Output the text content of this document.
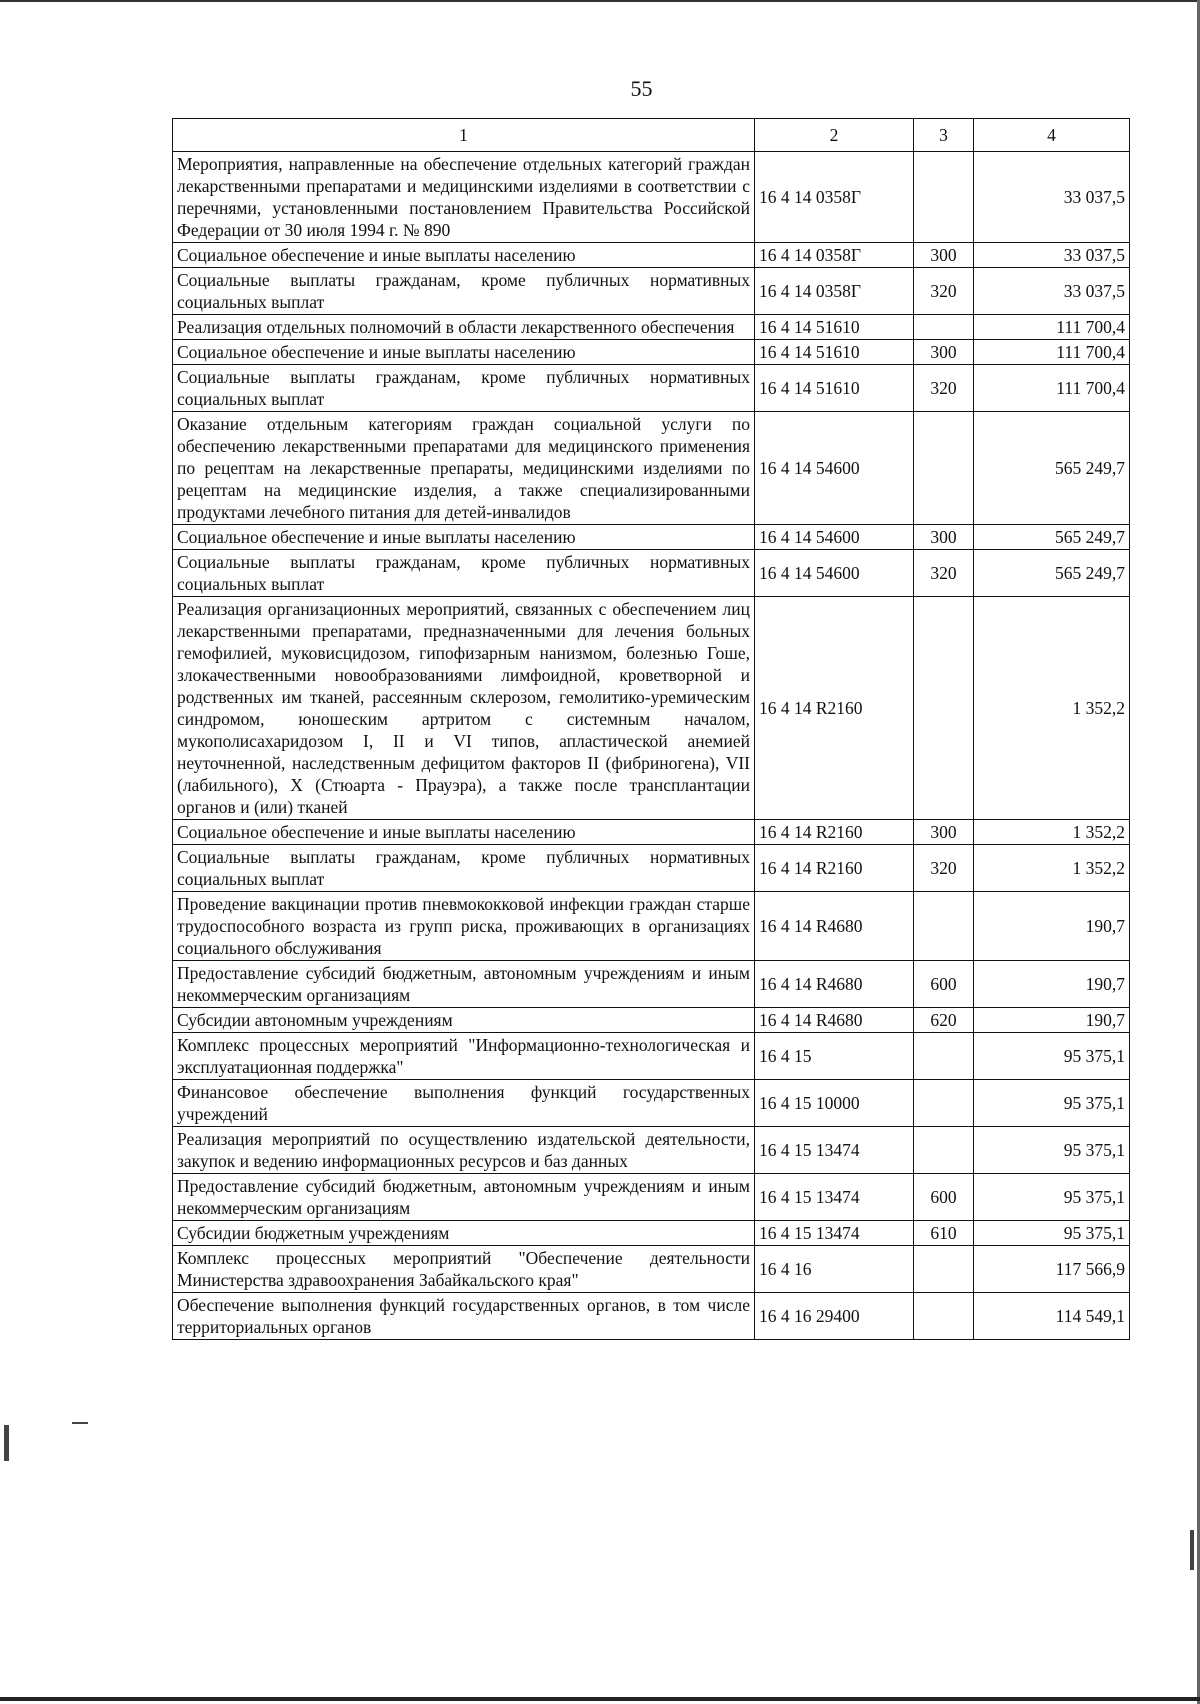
55
1	2	3	4
Мероприятия, направленные на обеспечение отдельных категорий граждан лекарственными препаратами и медицинскими изделиями в соответствии с перечнями, установленными постановлением Правительства Российской Федерации от 30 июля 1994 г. № 890	16 4 14 0358Г		33 037,5
Социальное обеспечение и иные выплаты населению	16 4 14 0358Г	300	33 037,5
Социальные выплаты гражданам, кроме публичных нормативных социальных выплат	16 4 14 0358Г	320	33 037,5
Реализация отдельных полномочий в области лекарственного обеспечения	16 4 14 51610		111 700,4
Социальное обеспечение и иные выплаты населению	16 4 14 51610	300	111 700,4
Социальные выплаты гражданам, кроме публичных нормативных социальных выплат	16 4 14 51610	320	111 700,4
Оказание отдельным категориям граждан социальной услуги по обеспечению лекарственными препаратами для медицинского применения по рецептам на лекарственные препараты, медицинскими изделиями по рецептам на медицинские изделия, а также специализированными продуктами лечебного питания для детей-инвалидов	16 4 14 54600		565 249,7
Социальное обеспечение и иные выплаты населению	16 4 14 54600	300	565 249,7
Социальные выплаты гражданам, кроме публичных нормативных социальных выплат	16 4 14 54600	320	565 249,7
Реализация организационных мероприятий, связанных с обеспечением лиц лекарственными препаратами, предназначенными для лечения больных гемофилией, муковисцидозом, гипофизарным нанизмом, болезнью Гоше, злокачественными новообразованиями лимфоидной, кроветворной и родственных им тканей, рассеянным склерозом, гемолитико-уремическим синдромом, юношеским артритом с системным началом, мукополисахаридозом I, II и VI типов, апластической анемией неуточненной, наследственным дефицитом факторов II (фибриногена), VII (лабильного), X (Стюарта - Прауэра), а также после трансплантации органов и (или) тканей	16 4 14 R2160		1 352,2
Социальное обеспечение и иные выплаты населению	16 4 14 R2160	300	1 352,2
Социальные выплаты гражданам, кроме публичных нормативных социальных выплат	16 4 14 R2160	320	1 352,2
Проведение вакцинации против пневмококковой инфекции граждан старше трудоспособного возраста из групп риска, проживающих в организациях социального обслуживания	16 4 14 R4680		190,7
Предоставление субсидий бюджетным, автономным учреждениям и иным некоммерческим организациям	16 4 14 R4680	600	190,7
Субсидии автономным учреждениям	16 4 14 R4680	620	190,7
Комплекс процессных мероприятий "Информационно-технологическая и эксплуатационная поддержка"	16 4 15		95 375,1
Финансовое обеспечение выполнения функций государственных учреждений	16 4 15 10000		95 375,1
Реализация мероприятий по осуществлению издательской деятельности, закупок и ведению информационных ресурсов и баз данных	16 4 15 13474		95 375,1
Предоставление субсидий бюджетным, автономным учреждениям и иным некоммерческим организациям	16 4 15 13474	600	95 375,1
Субсидии бюджетным учреждениям	16 4 15 13474	610	95 375,1
Комплекс процессных мероприятий "Обеспечение деятельности Министерства здравоохранения Забайкальского края"	16 4 16		117 566,9
Обеспечение выполнения функций государственных органов, в том числе территориальных органов	16 4 16 29400		114 549,1
